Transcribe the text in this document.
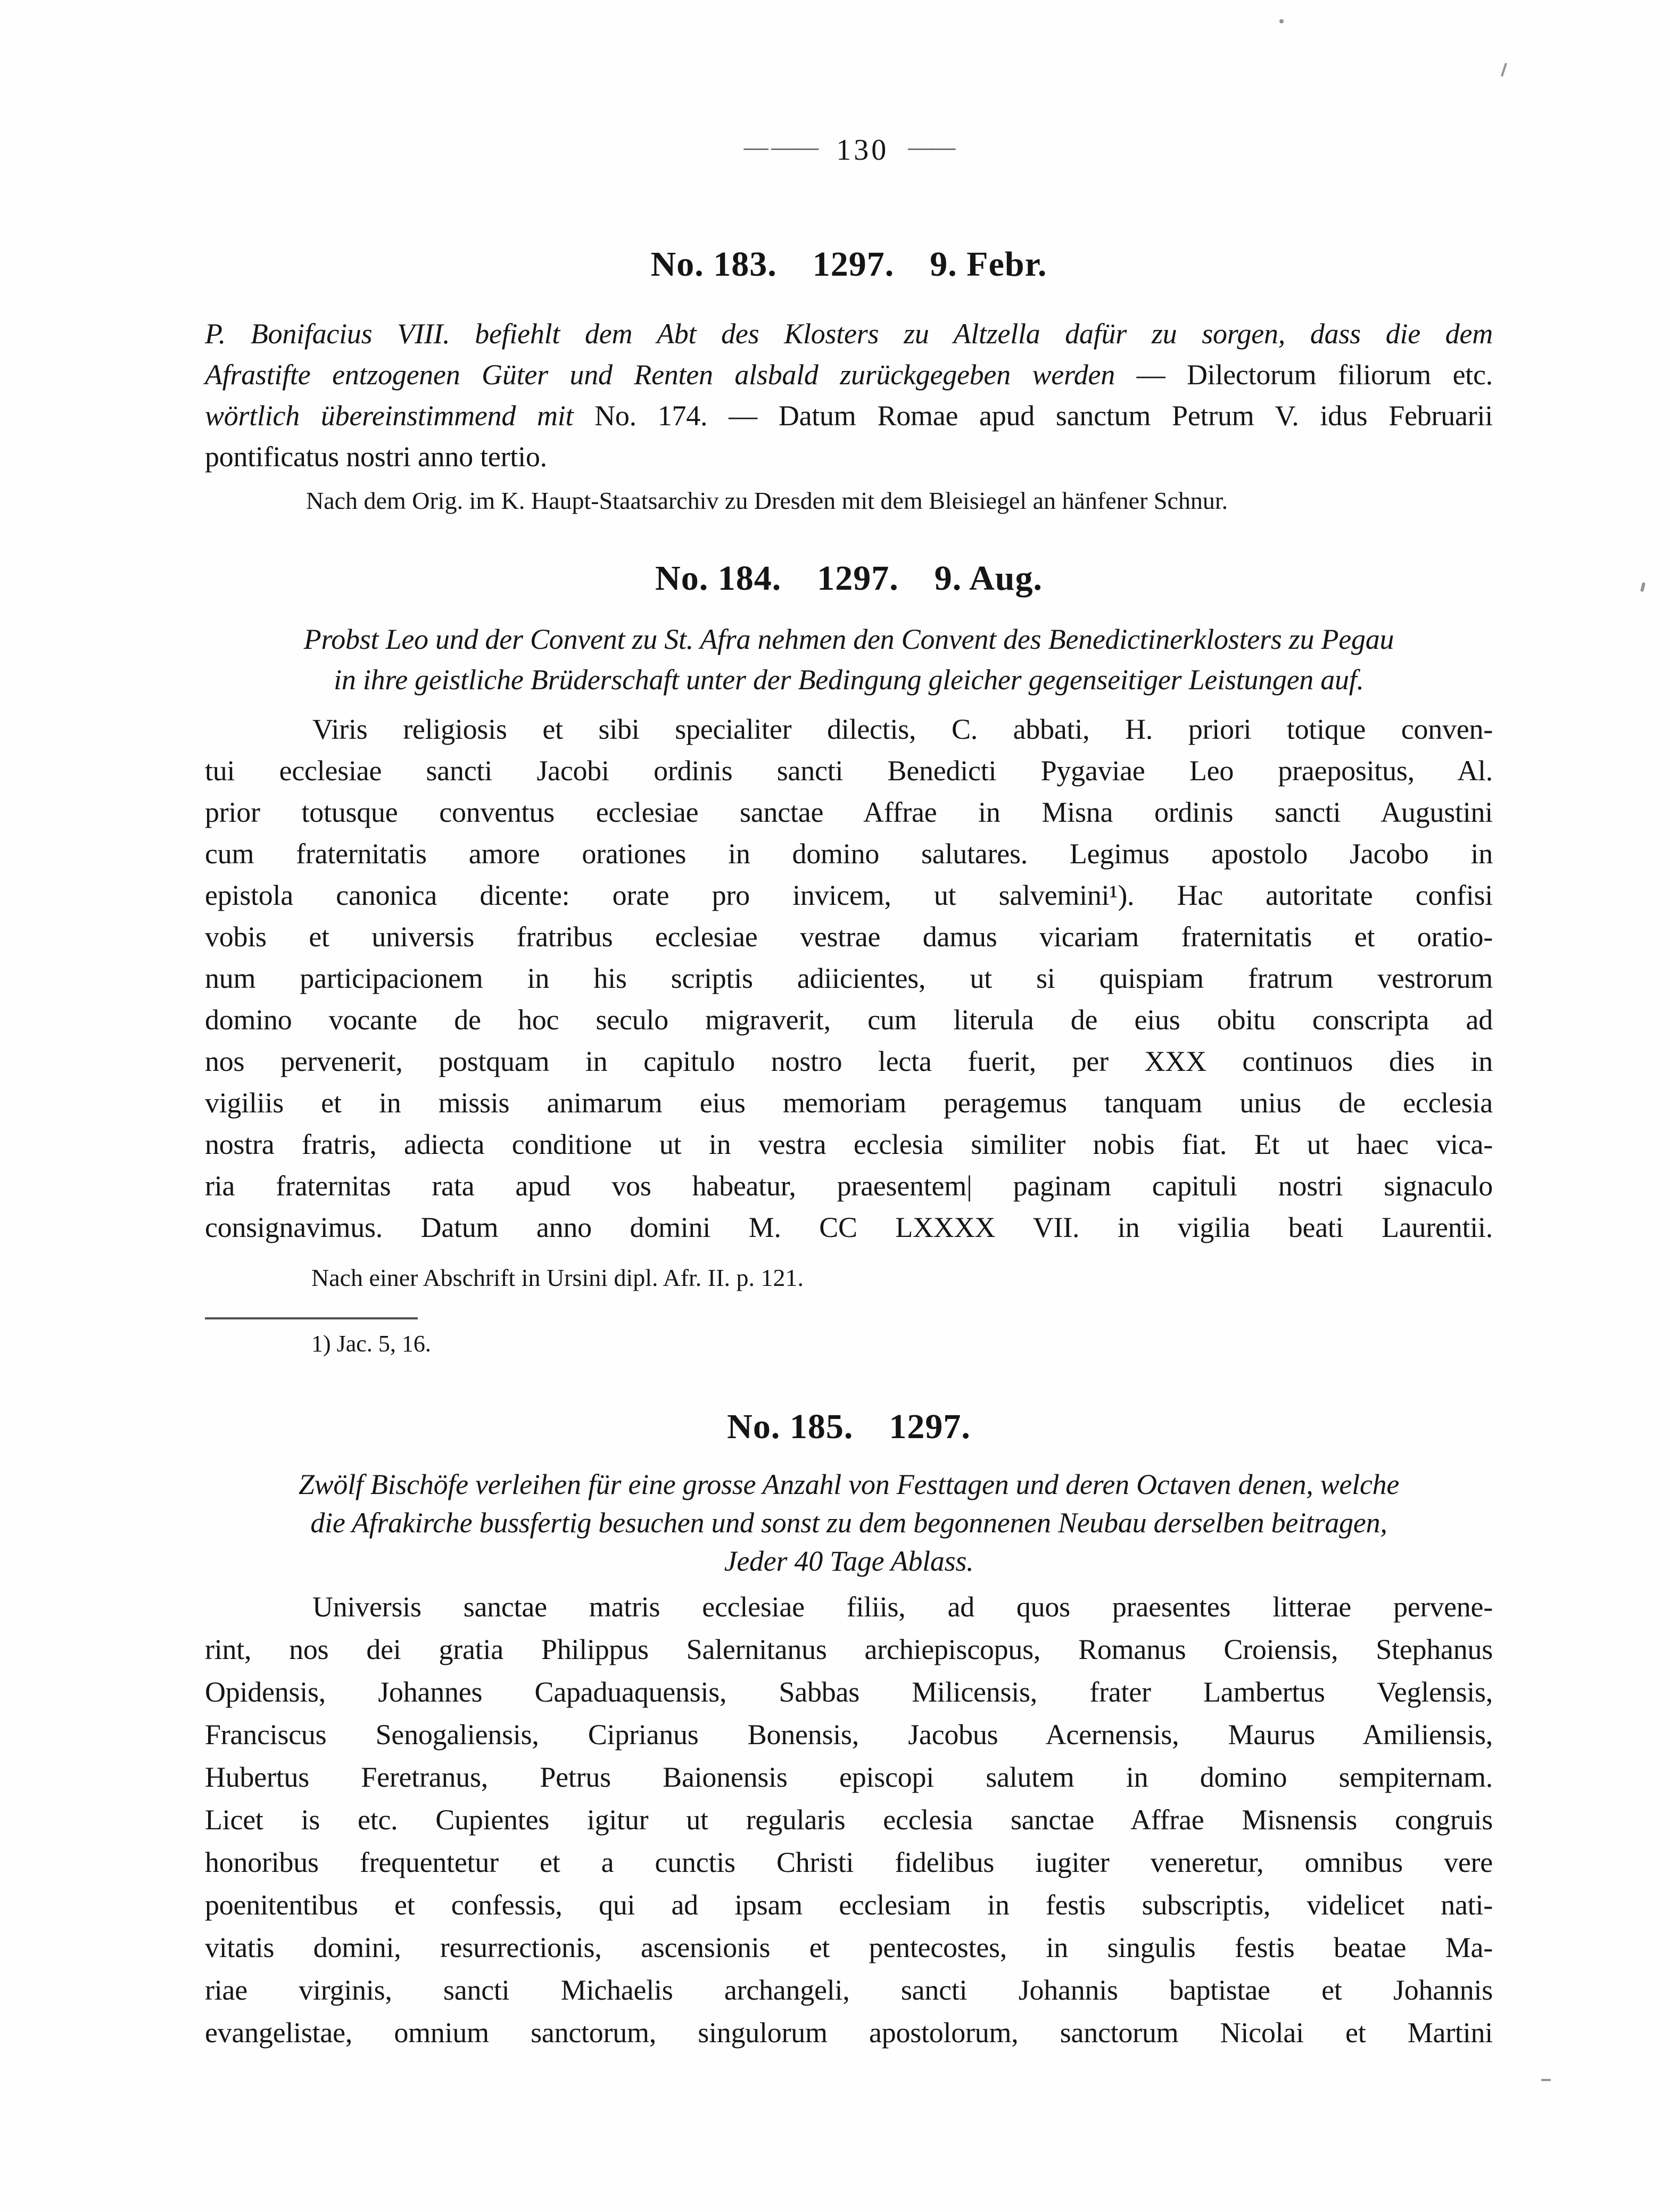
— —— 130 ——
No. 183. 1297. 9. Febr.

P. Bonifacius VIII. befiehlt dem Abt des Klosters zu Altzella dafür zu sorgen, dass die dem

Afrastifte entzogenen Güter und Renten alsbald zurückgegeben werden — Dilectorum filiorum etc.

wörtlich übereinstimmend mit No. 174. — Datum Romae apud sanctum Petrum V. idus Februarii

pontificatus nostri anno tertio.

Nach dem Orig. im K. Haupt-Staatsarchiv zu Dresden mit dem Bleisiegel an hänfener Schnur.

No. 184. 1297. 9. Aug.

Probst Leo und der Convent zu St. Afra nehmen den Convent des Benedictinerklosters zu Pegau

in ihre geistliche Brüderschaft unter der Bedingung gleicher gegenseitiger Leistungen auf.

Viris religiosis et sibi specialiter dilectis, C. abbati, H. priori totique conven-

tui ecclesiae sancti Jacobi ordinis sancti Benedicti Pygaviae Leo praepositus, Al.

prior totusque conventus ecclesiae sanctae Affrae in Misna ordinis sancti Augustini

cum fraternitatis amore orationes in domino salutares. Legimus apostolo Jacobo in

epistola canonica dicente: orate pro invicem, ut salvemini¹). Hac autoritate confisi

vobis et universis fratribus ecclesiae vestrae damus vicariam fraternitatis et oratio-

num participacionem in his scriptis adiicientes, ut si quispiam fratrum vestrorum

domino vocante de hoc seculo migraverit, cum literula de eius obitu conscripta ad

nos pervenerit, postquam in capitulo nostro lecta fuerit, per XXX continuos dies in

vigiliis et in missis animarum eius memoriam peragemus tanquam unius de ecclesia

nostra fratris, adiecta conditione ut in vestra ecclesia similiter nobis fiat. Et ut haec vica-

ria fraternitas rata apud vos habeatur, praesentem| paginam capituli nostri signaculo

consignavimus. Datum anno domini M. CC LXXXX VII. in vigilia beati Laurentii.

Nach einer Abschrift in Ursini dipl. Afr. II. p. 121.

1) Jac. 5, 16.

No. 185. 1297.

Zwölf Bischöfe verleihen für eine grosse Anzahl von Festtagen und deren Octaven denen, welche

die Afrakirche bussfertig besuchen und sonst zu dem begonnenen Neubau derselben beitragen,

Jeder 40 Tage Ablass.

Universis sanctae matris ecclesiae filiis, ad quos praesentes litterae pervene-

rint, nos dei gratia Philippus Salernitanus archiepiscopus, Romanus Croiensis, Stephanus

Opidensis, Johannes Capaduaquensis, Sabbas Milicensis, frater Lambertus Veglensis,

Franciscus Senogaliensis, Ciprianus Bonensis, Jacobus Acernensis, Maurus Amiliensis,

Hubertus Feretranus, Petrus Baionensis episcopi salutem in domino sempiternam.

Licet is etc. Cupientes igitur ut regularis ecclesia sanctae Affrae Misnensis congruis

honoribus frequentetur et a cunctis Christi fidelibus iugiter veneretur, omnibus vere

poenitentibus et confessis, qui ad ipsam ecclesiam in festis subscriptis, videlicet nati-

vitatis domini, resurrectionis, ascensionis et pentecostes, in singulis festis beatae Ma-

riae virginis, sancti Michaelis archangeli, sancti Johannis baptistae et Johannis

evangelistae, omnium sanctorum, singulorum apostolorum, sanctorum Nicolai et Martini
